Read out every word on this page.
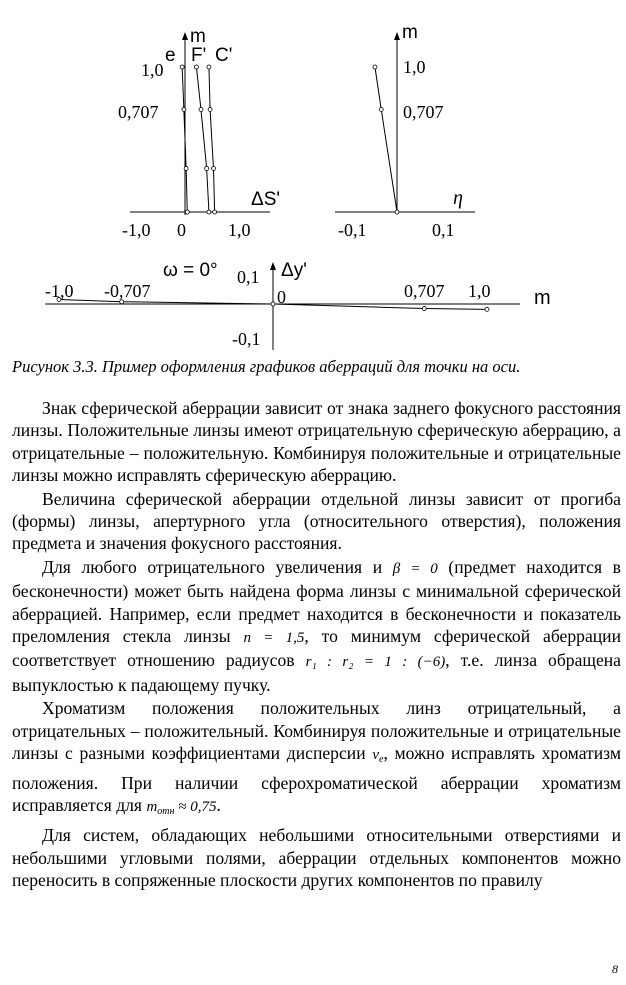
m
e F' C'
1,0
0,707
ΔS'
-1,0 0 1,0
m
1,0
0,707
η
-0,1	0,1
ω = 0°	Δy'
0,1
0
-0,1
-1,0 -0,707	0,707 1,0 m
Рисунок 3.3. Пример оформления графиков аберраций для точки на оси.

Знак сферической аберрации зависит от знака заднего фокусного расстояния линзы. Положительные линзы имеют отрицательную сферическую аберрацию, а отрицательные – положительную. Комбинируя положительные и отрицательные линзы можно исправлять сферическую аберрацию.

Величина сферической аберрации отдельной линзы зависит от прогиба (формы) линзы, апертурного угла (относительного отверстия), положения предмета и значения фокусного расстояния.

Для любого отрицательного увеличения и β = 0 (предмет находится в бесконечности) может быть найдена форма линзы с минимальной сферической аберрацией. Например, если предмет находится в бесконечности и показатель преломления стекла линзы n = 1,5, то минимум сферической аберрации соответствует отношению радиусов r₁ : r₂ = 1 : (−6), т.е. линза обращена выпуклостью к падающему пучку.

Хроматизм положения положительных линз отрицательный, а отрицательных – положительный. Комбинируя положительные и отрицательные линзы с разными коэффициентами дисперсии $\nu_e$, можно исправлять хроматизм положения. При наличии сферохроматической аберрации хроматизм исправляется для $m_{отн} \approx 0,75$.

Для систем, обладающих небольшими относительными отверстиями и небольшими угловыми полями, аберрации отдельных компонентов можно переносить в сопряженные плоскости других компонентов по правилу

8
